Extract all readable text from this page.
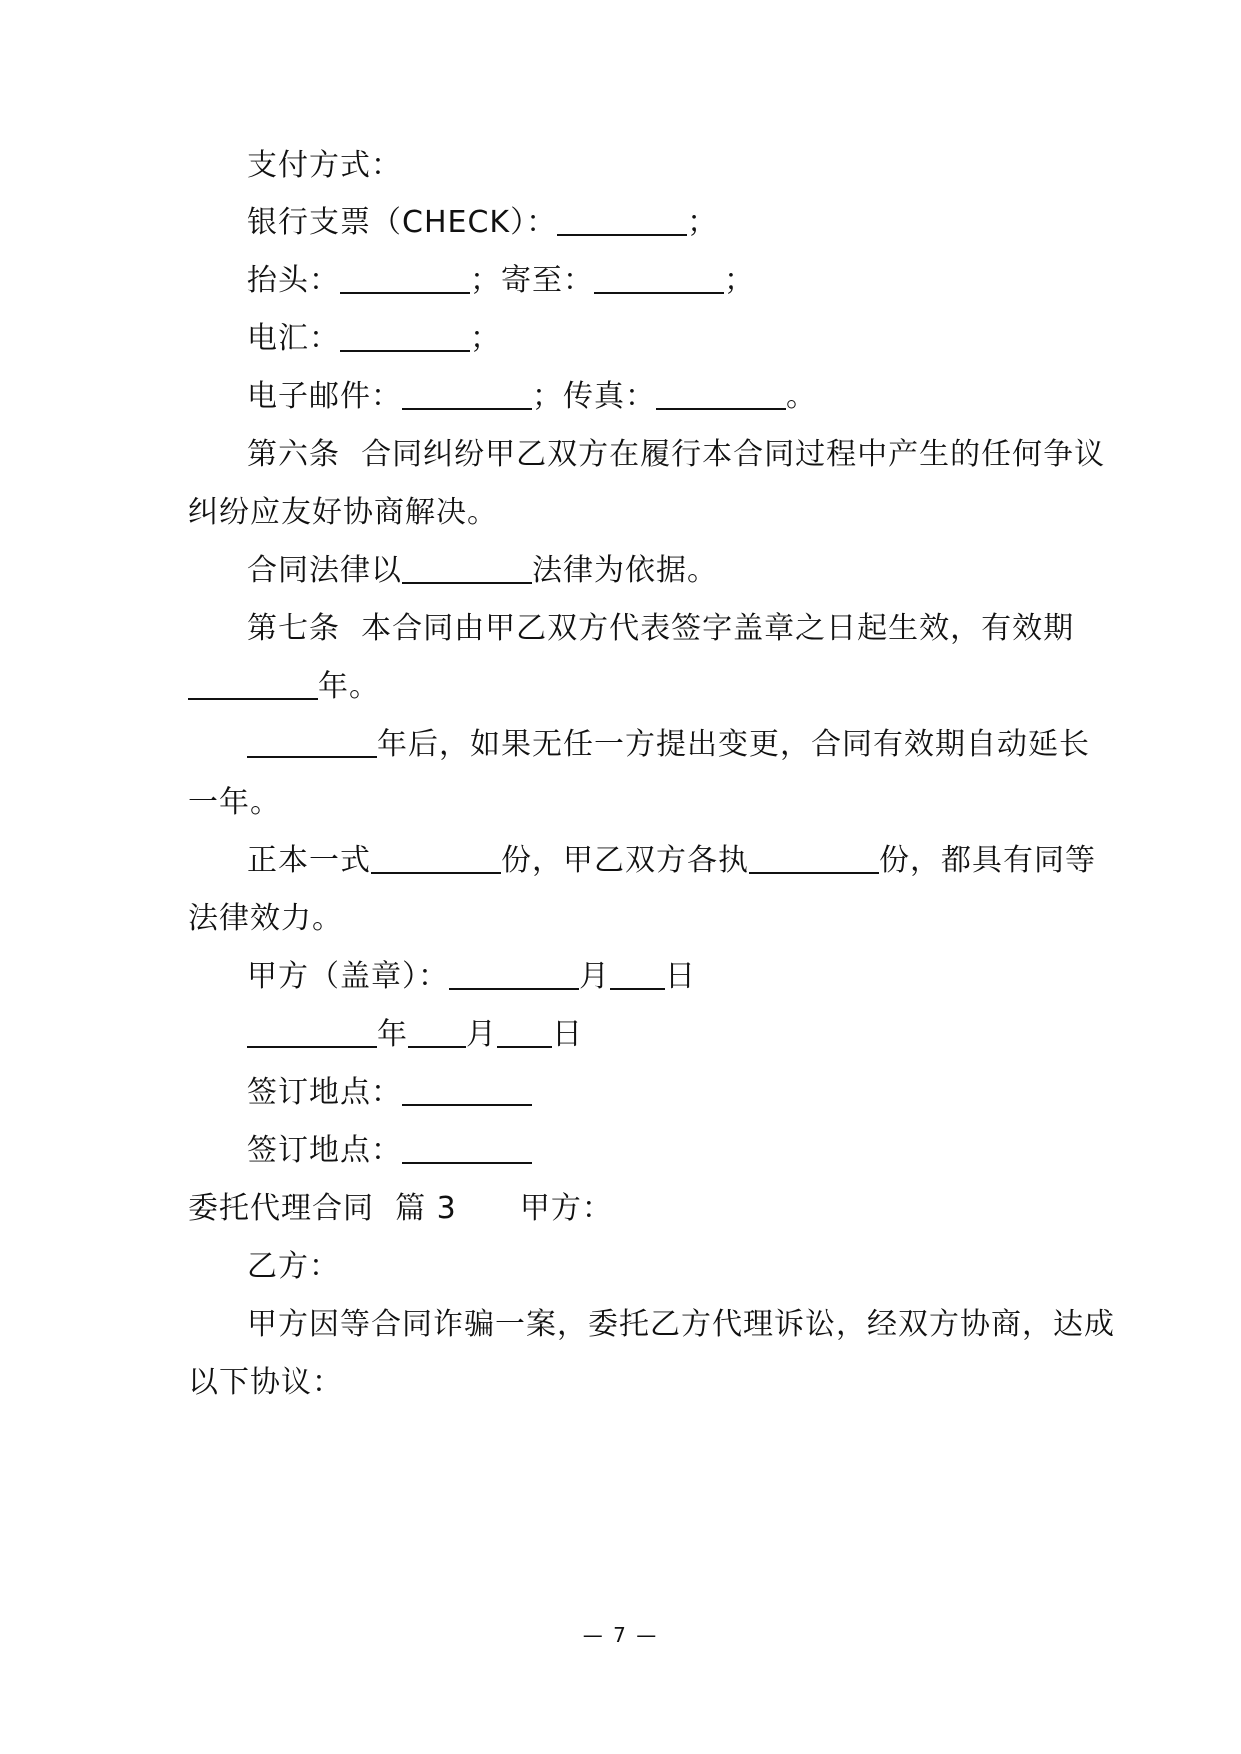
支付方式：
银行支票（CHECK）：	；
抬头：	；寄至：	；
电汇：	；
电子邮件：	；传真：	。
第六条  合同纠纷甲乙双方在履行本合同过程中产生的任何争议
纠纷应友好协商解决。
合同法律以	法律为依据。
第七条  本合同由甲乙双方代表签字盖章之日起生效，有效期
年。
年后，如果无任一方提出变更，合同有效期自动延长
一年。
正本一式	份，甲乙双方各执	份，都具有同等
法律效力。
甲方（盖章）：	月 日
年 月 日
签订地点：
签订地点：
委托代理合同  篇 3      甲方：
乙方：
甲方因等合同诈骗一案，委托乙方代理诉讼，经双方协商，达成
以下协议：
— 7 —
